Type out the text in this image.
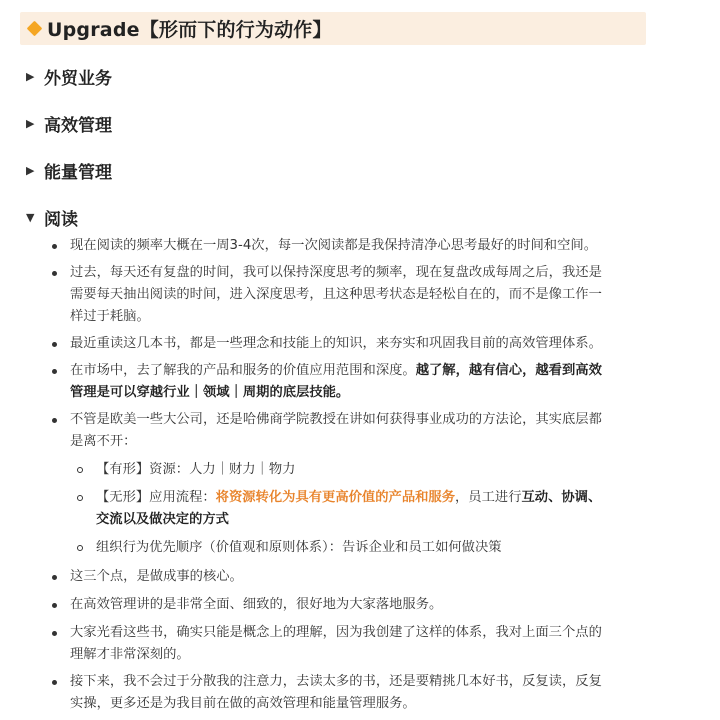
Upgrade【形而下的行为动作】
▶ 外贸业务
▶ 高效管理
▶ 能量管理
▼ 阅读
现在阅读的频率大概在一周3-4次，每一次阅读都是我保持清净心思考最好的时间和空间。
过去，每天还有复盘的时间，我可以保持深度思考的频率，现在复盘改成每周之后，我还是
需要每天抽出阅读的时间，进入深度思考，且这种思考状态是轻松自在的，而不是像工作一
样过于耗脑。
最近重读这几本书，都是一些理念和技能上的知识，来夯实和巩固我目前的高效管理体系。
在市场中，去了解我的产品和服务的价值应用范围和深度。越了解，越有信心，越看到高效
管理是可以穿越行业｜领域｜周期的底层技能。
不管是欧美一些大公司，还是哈佛商学院教授在讲如何获得事业成功的方法论，其实底层都
是离不开：
【有形】资源：人力｜财力｜物力
【无形】应用流程：将资源转化为具有更高价值的产品和服务，员工进行互动、协调、
交流以及做决定的方式
组织行为优先顺序（价值观和原则体系）：告诉企业和员工如何做决策
这三个点，是做成事的核心。
在高效管理讲的是非常全面、细致的，很好地为大家落地服务。
大家光看这些书，确实只能是概念上的理解，因为我创建了这样的体系，我对上面三个点的
理解才非常深刻的。
接下来，我不会过于分散我的注意力，去读太多的书，还是要精挑几本好书，反复读，反复
实操，更多还是为我目前在做的高效管理和能量管理服务。
